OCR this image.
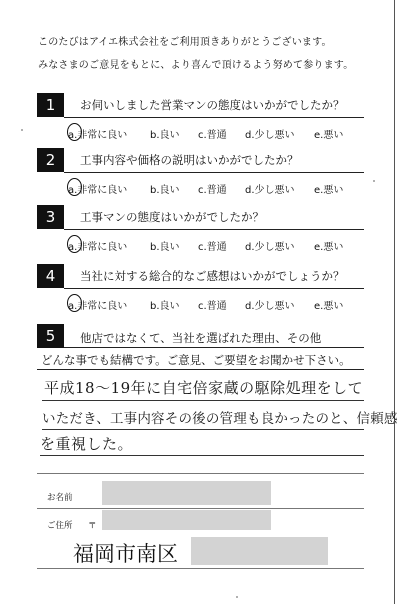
このたびはアイエ株式会社をご利用頂きありがとうございます。
みなさまのご意見をもとに、より喜んで頂けるよう努めて参ります。
1	お伺いしました営業マンの態度はいかがでしたか？
a.非常に良い b.良い c.普通 d.少し悪い e.悪い
2	工事内容や価格の説明はいかがでしたか？
a.非常に良い b.良い c.普通 d.少し悪い e.悪い
3	工事マンの態度はいかがでしたか？
a.非常に良い b.良い c.普通 d.少し悪い e.悪い
4	当社に対する総合的なご感想はいかがでしょうか？
a.非常に良い b.良い c.普通 d.少し悪い e.悪い
5	他店ではなくて、当社を選ばれた理由、その他
どんな事でも結構です。ご意見、ご要望をお聞かせ下さい。
平成18～19年に自宅倍家蔵の駆除処理をして
いただき、工事内容その後の管理も良かったのと、信頼感
を重視した。
お名前
ご住所 〒
福岡市南区
